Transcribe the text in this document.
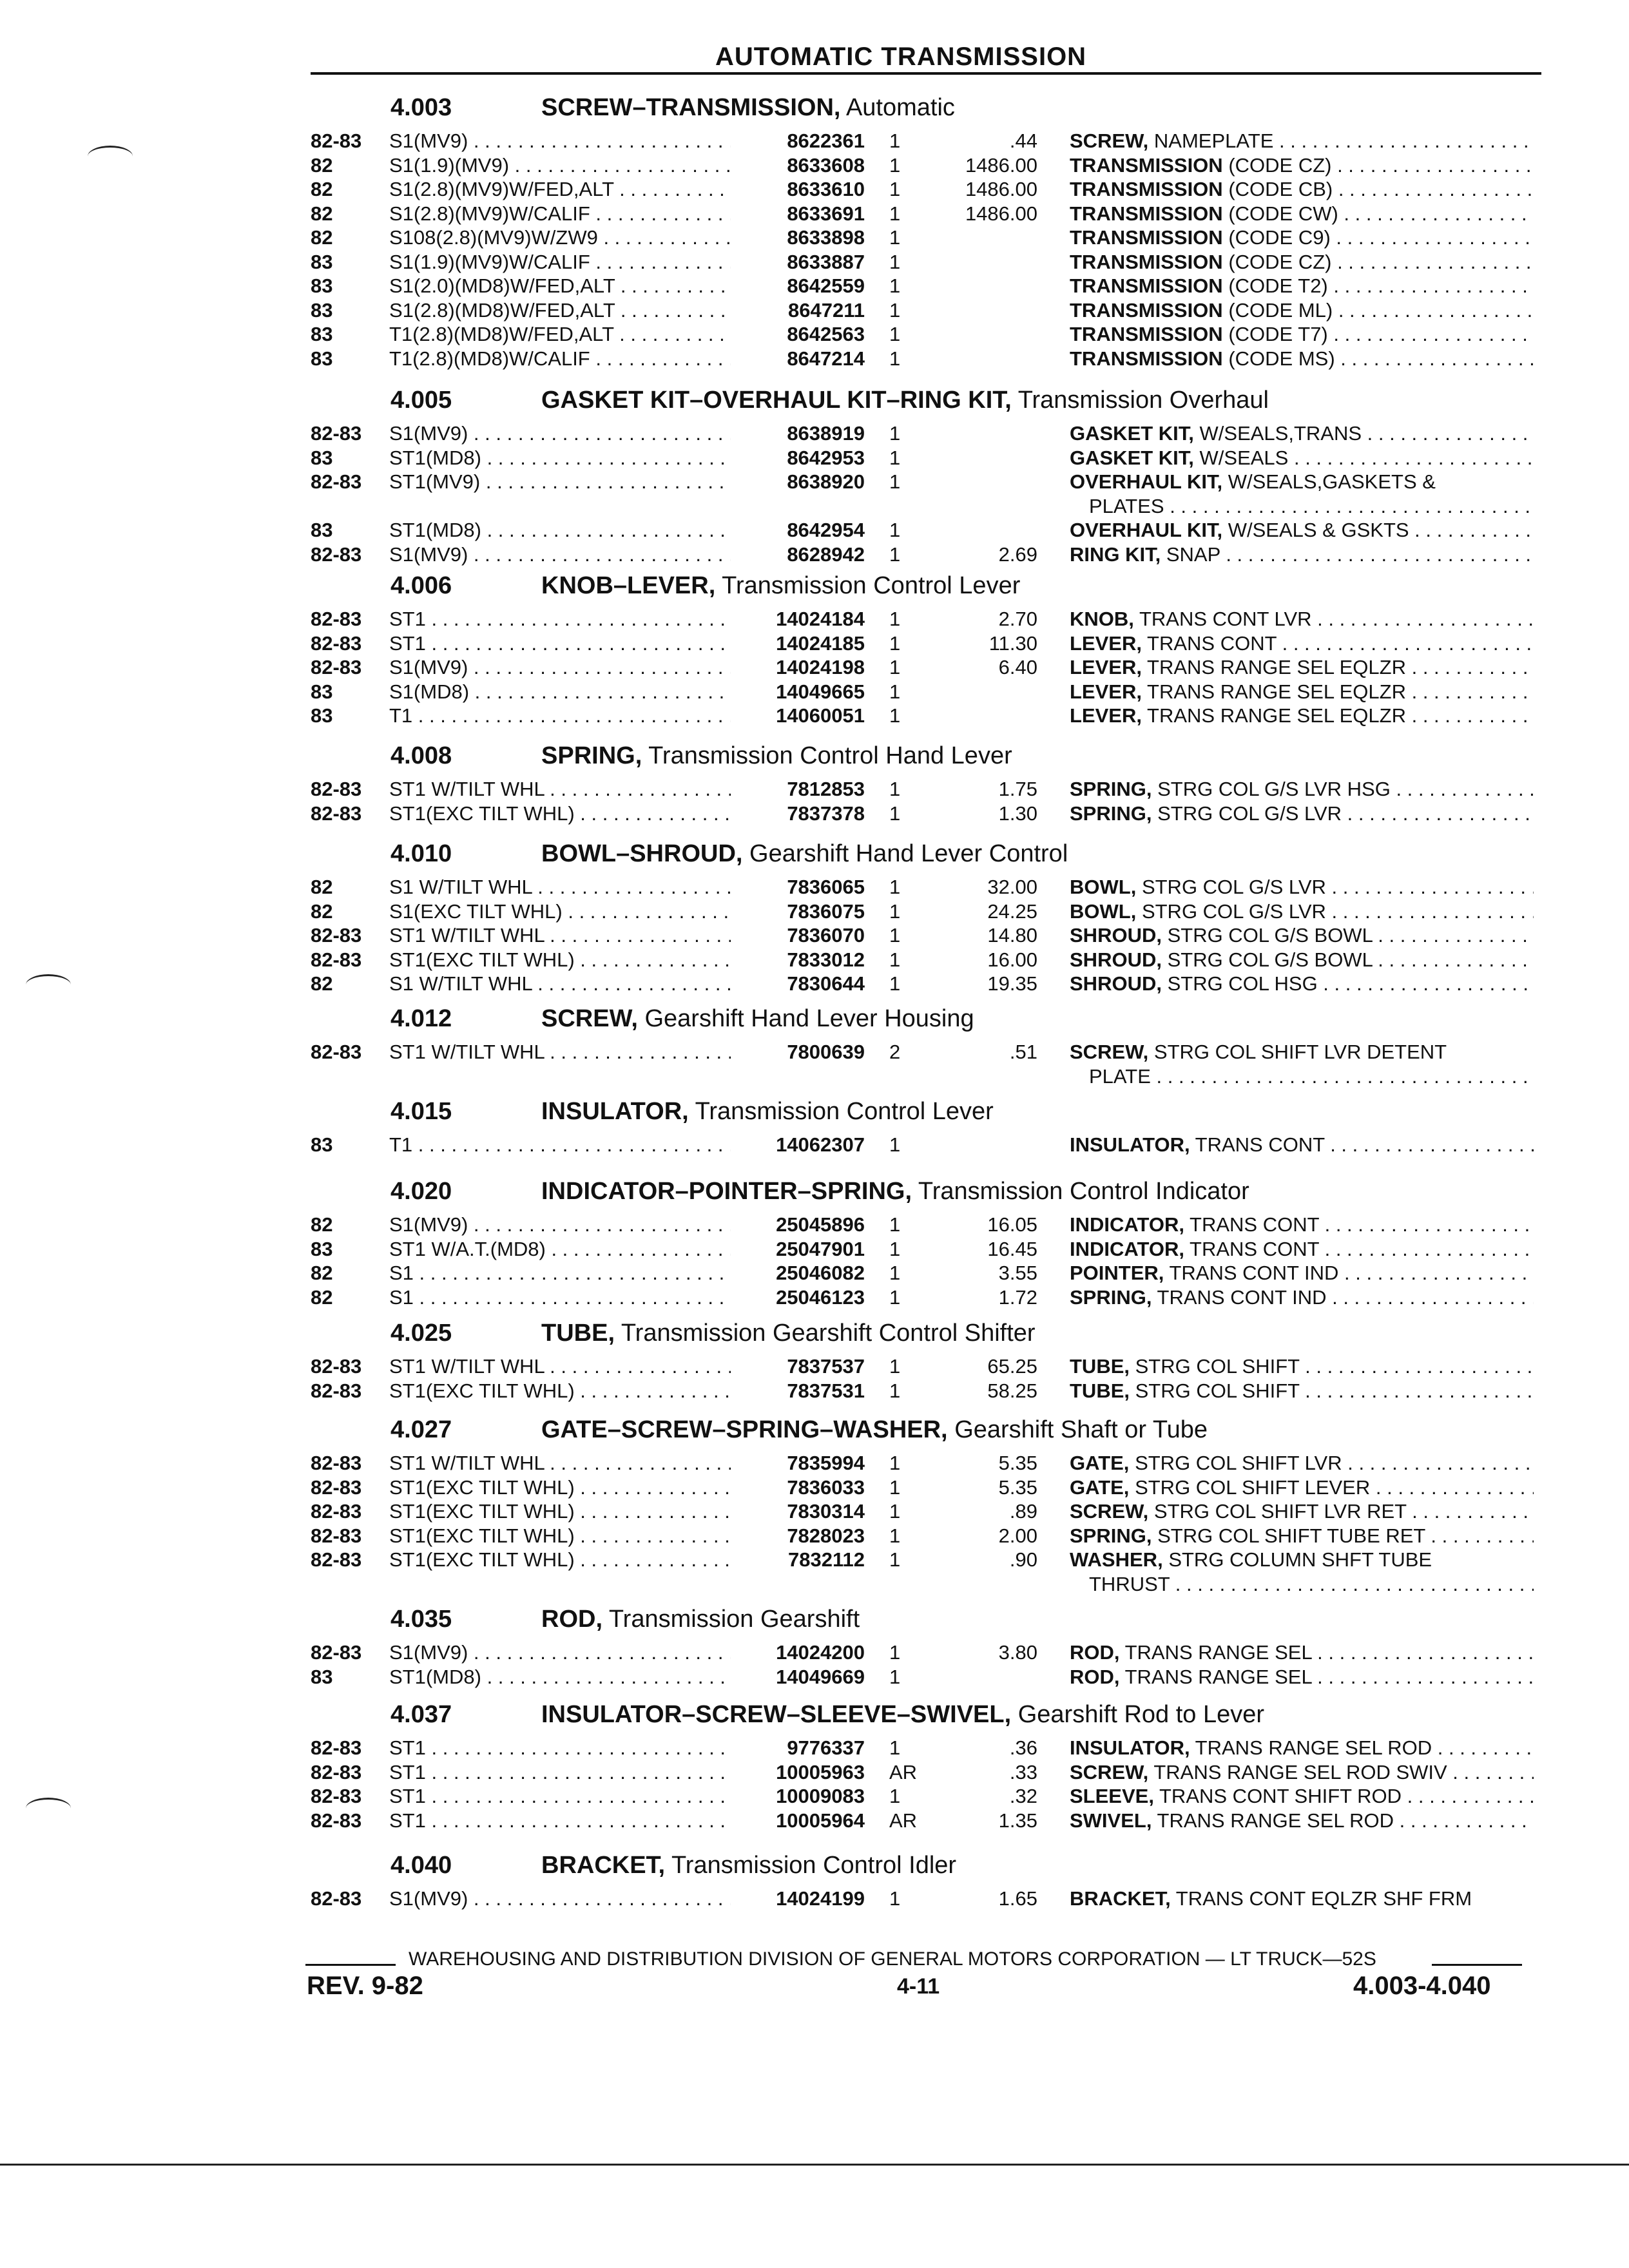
AUTOMATIC TRANSMISSION
4.003	SCREW–TRANSMISSION, Automatic
82-83 S1(MV9) . . .	8622361 1	.44 SCREW, NAMEPLATE . . .
82	S1(1.9)(MV9) . . .	8633608 1	1486.00 TRANSMISSION (CODE CZ) . . .
82	S1(2.8)(MV9)W/FED,ALT . . .	8633610 1	1486.00 TRANSMISSION (CODE CB) . . .
82	S1(2.8)(MV9)W/CALIF . . .	8633691 1	1486.00 TRANSMISSION (CODE CW) . . .
82	S108(2.8)(MV9)W/ZW9 . . .	8633898 1	TRANSMISSION (CODE C9) . . .
83	S1(1.9)(MV9)W/CALIF . . .	8633887 1	TRANSMISSION (CODE CZ) . . .
83	S1(2.0)(MD8)W/FED,ALT . . .	8642559 1	TRANSMISSION (CODE T2) . . .
83	S1(2.8)(MD8)W/FED,ALT . . .	8647211 1	TRANSMISSION (CODE ML) . . .
83	T1(2.8)(MD8)W/FED,ALT . . .	8642563 1	TRANSMISSION (CODE T7) . . .
83	T1(2.8)(MD8)W/CALIF . . .	8647214 1	TRANSMISSION (CODE MS) . . .
4.005	GASKET KIT–OVERHAUL KIT–RING KIT, Transmission Overhaul
82-83 S1(MV9) . . .	8638919 1	GASKET KIT, W/SEALS,TRANS . . .
83	ST1(MD8) . . .	8642953 1	GASKET KIT, W/SEALS . . .
82-83 ST1(MV9) . . .	8638920 1	OVERHAUL KIT, W/SEALS,GASKETS &
PLATES . . .
83	ST1(MD8) . . .	8642954 1	OVERHAUL KIT, W/SEALS & GSKTS . . .
82-83 S1(MV9) . . .	8628942 1	2.69 RING KIT, SNAP . . .
4.006	KNOB–LEVER, Transmission Control Lever
82-83 ST1 . . .	14024184 1	2.70 KNOB, TRANS CONT LVR . . .
82-83 ST1 . . .	14024185 1	11.30 LEVER, TRANS CONT . . .
82-83 S1(MV9) . . .	14024198 1	6.40 LEVER, TRANS RANGE SEL EQLZR . . .
83	S1(MD8) . . .	14049665 1	LEVER, TRANS RANGE SEL EQLZR . . .
83	T1 . . .	14060051 1	LEVER, TRANS RANGE SEL EQLZR . . .
4.008	SPRING, Transmission Control Hand Lever
82-83 ST1 W/TILT WHL . . .	7812853 1	1.75 SPRING, STRG COL G/S LVR HSG . . .
82-83 ST1(EXC TILT WHL) . . .	7837378 1	1.30 SPRING, STRG COL G/S LVR . . .
4.010	BOWL–SHROUD, Gearshift Hand Lever Control
82	S1 W/TILT WHL . . .	7836065 1	32.00 BOWL, STRG COL G/S LVR . . .
82	S1(EXC TILT WHL) . . .	7836075 1	24.25 BOWL, STRG COL G/S LVR . . .
82-83 ST1 W/TILT WHL . . .	7836070 1	14.80 SHROUD, STRG COL G/S BOWL . . .
82-83 ST1(EXC TILT WHL) . . .	7833012 1	16.00 SHROUD, STRG COL G/S BOWL . . .
82	S1 W/TILT WHL . . .	7830644 1	19.35 SHROUD, STRG COL HSG . . .
4.012	SCREW, Gearshift Hand Lever Housing
82-83 ST1 W/TILT WHL . . .	7800639 2	.51 SCREW, STRG COL SHIFT LVR DETENT
PLATE . . .
4.015	INSULATOR, Transmission Control Lever
83	T1 . . .	14062307 1	INSULATOR, TRANS CONT . . .
4.020	INDICATOR–POINTER–SPRING, Transmission Control Indicator
82	S1(MV9) . . .	25045896 1	16.05 INDICATOR, TRANS CONT . . .
83	ST1 W/A.T.(MD8) . . .	25047901 1	16.45 INDICATOR, TRANS CONT . . .
82	S1 . . .	25046082 1	3.55 POINTER, TRANS CONT IND . . .
82	S1 . . .	25046123 1	1.72 SPRING, TRANS CONT IND . . .
4.025	TUBE, Transmission Gearshift Control Shifter
82-83 ST1 W/TILT WHL . . .	7837537 1	65.25 TUBE, STRG COL SHIFT . . .
82-83 ST1(EXC TILT WHL) . . .	7837531 1	58.25 TUBE, STRG COL SHIFT . . .
4.027	GATE–SCREW–SPRING–WASHER, Gearshift Shaft or Tube
82-83 ST1 W/TILT WHL . . .	7835994 1	5.35 GATE, STRG COL SHIFT LVR . . .
82-83 ST1(EXC TILT WHL) . . .	7836033 1	5.35 GATE, STRG COL SHIFT LEVER . . .
82-83 ST1(EXC TILT WHL) . . .	7830314 1	.89 SCREW, STRG COL SHIFT LVR RET . . .
82-83 ST1(EXC TILT WHL) . . .	7828023 1	2.00 SPRING, STRG COL SHIFT TUBE RET . . .
82-83 ST1(EXC TILT WHL) . . .	7832112 1	.90 WASHER, STRG COLUMN SHFT TUBE
THRUST . . .
4.035	ROD, Transmission Gearshift
82-83 S1(MV9) . . .	14024200 1	3.80 ROD, TRANS RANGE SEL . . .
83	ST1(MD8) . . .	14049669 1	ROD, TRANS RANGE SEL . . .
4.037	INSULATOR–SCREW–SLEEVE–SWIVEL, Gearshift Rod to Lever
82-83 ST1 . . .	9776337 1	.36 INSULATOR, TRANS RANGE SEL ROD . . .
82-83 ST1 . . .	10005963 AR	.33 SCREW, TRANS RANGE SEL ROD SWIV . . .
82-83 ST1 . . .	10009083 1	.32 SLEEVE, TRANS CONT SHIFT ROD . . .
82-83 ST1 . . .	10005964 AR	1.35 SWIVEL, TRANS RANGE SEL ROD . . .
4.040	BRACKET, Transmission Control Idler
82-83 S1(MV9) . . .	14024199 1	1.65 BRACKET, TRANS CONT EQLZR SHF FRM
WAREHOUSING AND DISTRIBUTION DIVISION OF GENERAL MOTORS CORPORATION — LT TRUCK—52S
REV. 9-82	4-11	4.003-4.040
